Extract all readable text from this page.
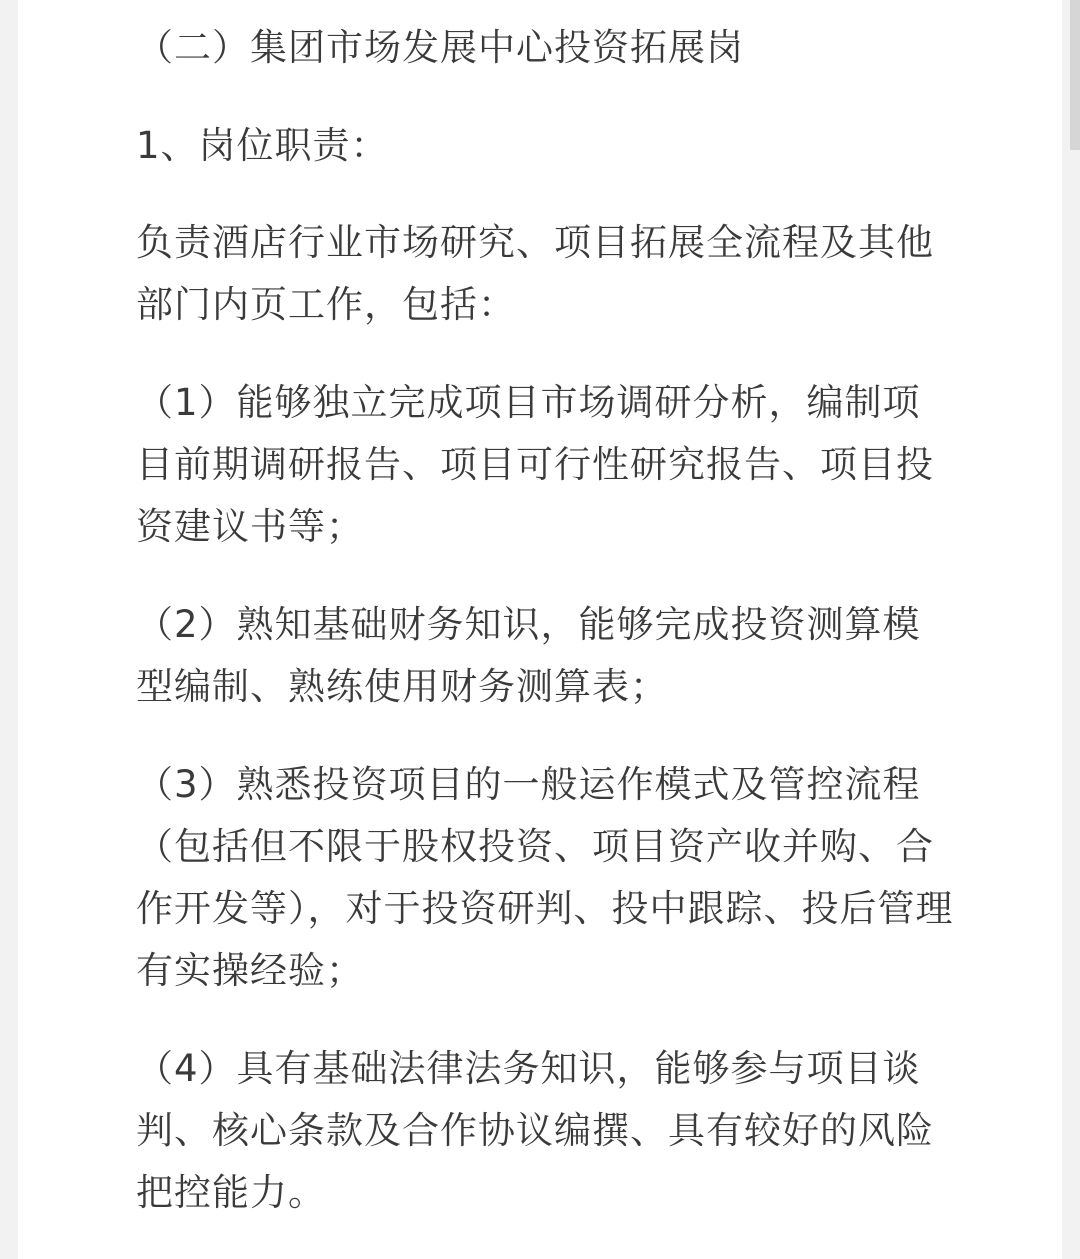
（二）集团市场发展中心投资拓展岗

1、岗位职责：

负责酒店行业市场研究、项目拓展全流程及其他部门内页工作，包括：

（1）能够独立完成项目市场调研分析，编制项目前期调研报告、项目可行性研究报告、项目投资建议书等；

（2）熟知基础财务知识，能够完成投资测算模型编制、熟练使用财务测算表；

（3）熟悉投资项目的一般运作模式及管控流程（包括但不限于股权投资、项目资产收并购、合作开发等），对于投资研判、投中跟踪、投后管理有实操经验；

（4）具有基础法律法务知识，能够参与项目谈判、核心条款及合作协议编撰、具有较好的风险把控能力。
